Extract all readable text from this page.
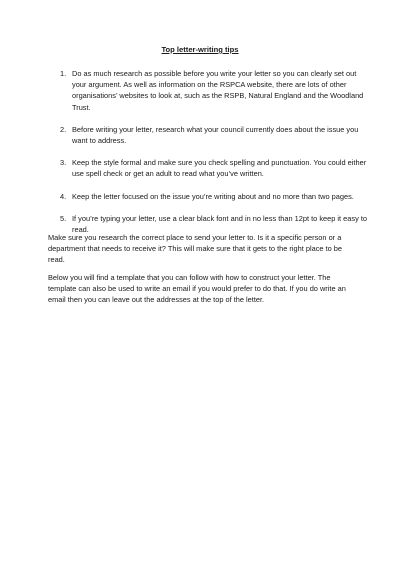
Top letter-writing tips
1. Do as much research as possible before you write your letter so you can clearly set out your argument. As well as information on the RSPCA website, there are lots of other organisations’ websites to look at, such as the RSPB, Natural England and the Woodland Trust.
2. Before writing your letter, research what your council currently does about the issue you want to address.
3. Keep the style formal and make sure you check spelling and punctuation. You could either use spell check or get an adult to read what you’ve written.
4. Keep the letter focused on the issue you’re writing about and no more than two pages.
5. If you’re typing your letter, use a clear black font and in no less than 12pt to keep it easy to read.

Make sure you research the correct place to send your letter to. Is it a specific person or a department that needs to receive it? This will make sure that it gets to the right place to be read.

Below you will find a template that you can follow with how to construct your letter. The template can also be used to write an email if you would prefer to do that. If you do write an email then you can leave out the addresses at the top of the letter.
